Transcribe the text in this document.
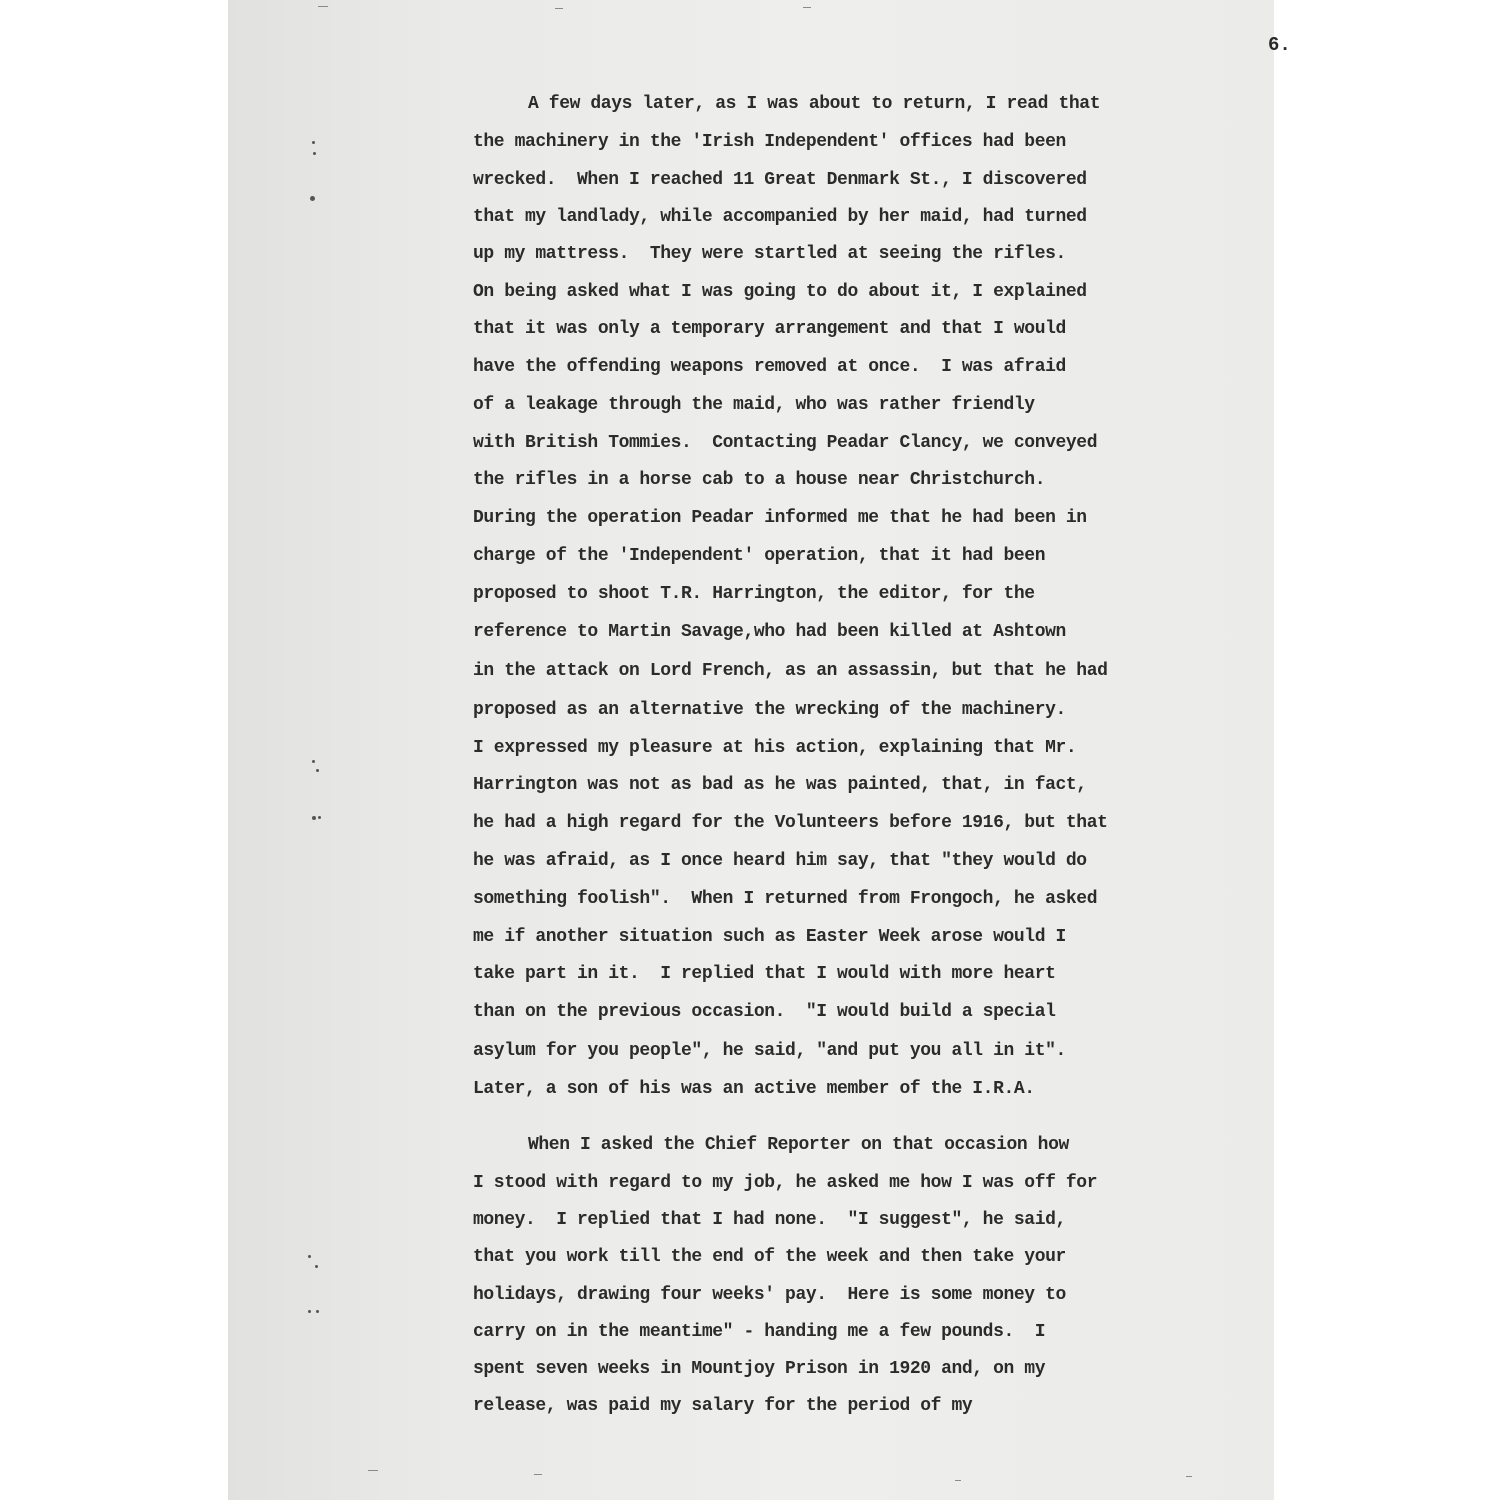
6.

A few days later, as I was about to return, I read that

the machinery in the 'Irish Independent' offices had been

wrecked.  When I reached 11 Great Denmark St., I discovered

that my landlady, while accompanied by her maid, had turned

up my mattress.  They were startled at seeing the rifles.

On being asked what I was going to do about it, I explained

that it was only a temporary arrangement and that I would

have the offending weapons removed at once.  I was afraid

of a leakage through the maid, who was rather friendly

with British Tommies.  Contacting Peadar Clancy, we conveyed

the rifles in a horse cab to a house near Christchurch.

During the operation Peadar informed me that he had been in

charge of the 'Independent' operation, that it had been

proposed to shoot T.R. Harrington, the editor, for the

reference to Martin Savage,who had been killed at Ashtown

in the attack on Lord French, as an assassin, but that he had

proposed as an alternative the wrecking of the machinery.

I expressed my pleasure at his action, explaining that Mr.

Harrington was not as bad as he was painted, that, in fact,

he had a high regard for the Volunteers before 1916, but that

he was afraid, as I once heard him say, that "they would do

something foolish".  When I returned from Frongoch, he asked

me if another situation such as Easter Week arose would I

take part in it.  I replied that I would with more heart

than on the previous occasion.  "I would build a special

asylum for you people", he said, "and put you all in it".

Later, a son of his was an active member of the I.R.A.

When I asked the Chief Reporter on that occasion how

I stood with regard to my job, he asked me how I was off for

money.  I replied that I had none.  "I suggest", he said,

that you work till the end of the week and then take your

holidays, drawing four weeks' pay.  Here is some money to

carry on in the meantime" - handing me a few pounds.  I

spent seven weeks in Mountjoy Prison in 1920 and, on my

release, was paid my salary for the period of my
